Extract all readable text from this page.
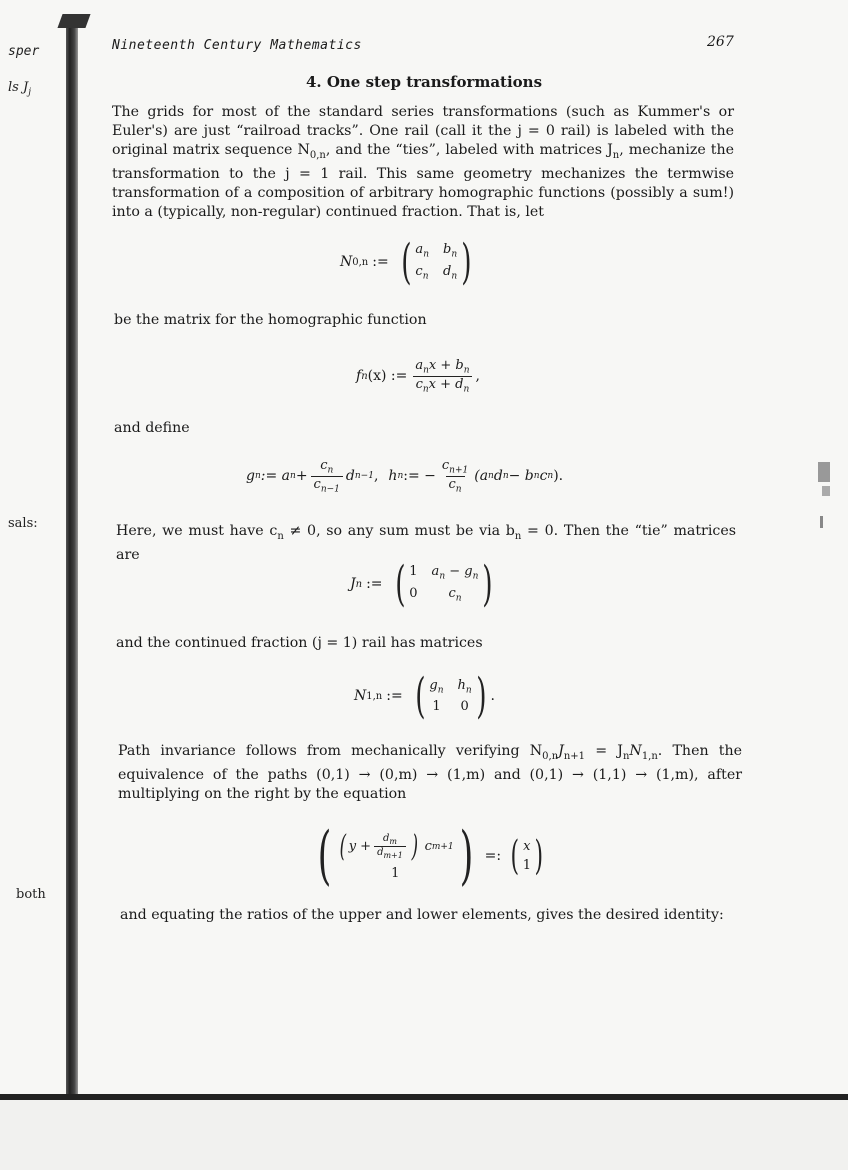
sper
ls $J_j$
sals:
both
Nineteenth Century Mathematics	267
4. One step transformations
The grids for most of the standard series transformations (such as Kummer's or Euler's) are just “railroad tracks”. One rail (call it the j = 0 rail) is labeled with the original matrix sequence $N_{0,n}$, and the “ties”, labeled with matrices $J_n$, mechanize the transformation to the j = 1 rail. This same geometry mechanizes the termwise transformation of a composition of arbitrary homographic functions (possibly a sum!) into a (typically, non-regular) continued fraction. That is, let
N 0,n := ( $a_n$ $b_n$
$c_n$ $d_n$ )
be the matrix for the homographic function
f n (x) := $\frac{a_nx + b_n}{c_nx + d_n}$ ,
and define
g n := a $n + \frac{c_n}{c_{n-1}}$ d n−1 , h n := − $\frac{c_{n+1}}{c_n} (a$ n d n − b n c n ).
Here, we must have $c_n \ne 0$, so any sum must be via $b_n = 0$. Then the “tie” matrices are
J n := ( 1 $a_n - g_n$
0	$c_n$ )
and the continued fraction (j = 1) rail has matrices
N 1,n := ( $g_n$ $h_n$
1 0 ) .
Path invariance follows from mechanically verifying $N_{0,n}J_{n+1} = J_nN_{1,n}$. Then the equivalence of the paths (0,1) → (0,m) → (1,m) and (0,1) → (1,1) → (1,m), after multiplying on the right by the equation
( ( $y + \frac{d_m}{d_{m+1}}$ ) c m+1
1 ) =: ( x
1 )
and equating the ratios of the upper and lower elements, gives the desired identity:
